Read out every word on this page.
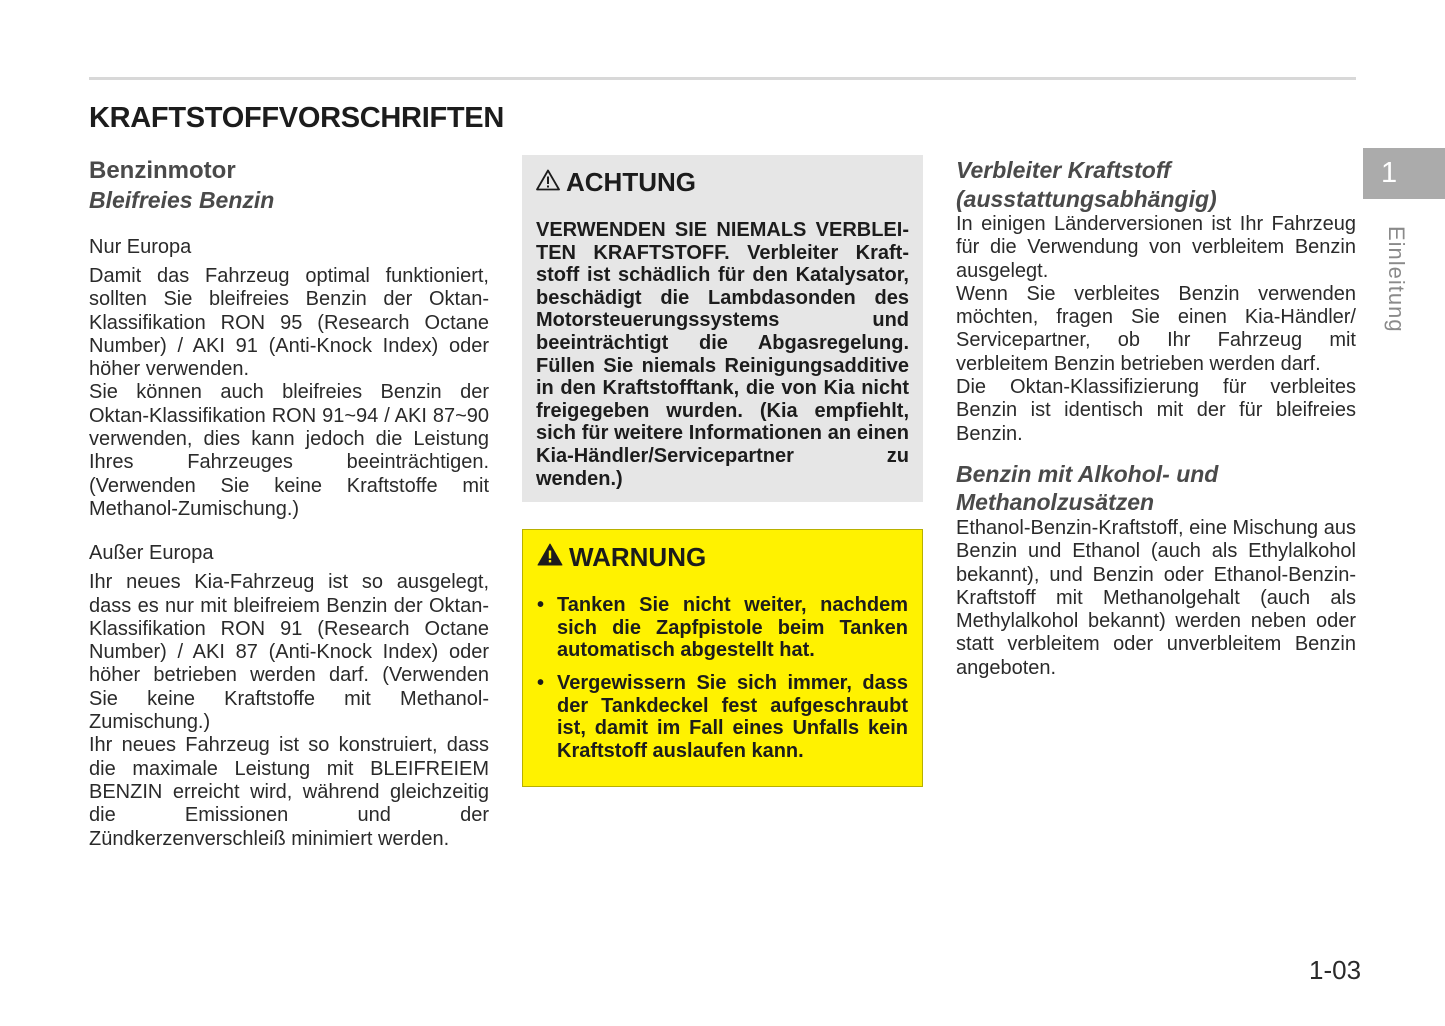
KRAFTSTOFFVORSCHRIFTEN
Benzinmotor
Bleifreies Benzin
Nur Europa

Damit das Fahrzeug optimal funktioniert, sollten Sie bleifreies Benzin der Oktan-Klassifikation RON 95 (Research Octane Number) / AKI 91 (Anti-Knock Index) oder höher verwenden.

Sie können auch bleifreies Benzin der Oktan-Klassifikation RON 91~94 / AKI 87~90 verwenden, dies kann jedoch die Leistung Ihres Fahrzeuges beeinträchtigen. (Verwenden Sie keine Kraftstoffe mit Methanol-Zumischung.)

Außer Europa

Ihr neues Kia-Fahrzeug ist so ausgelegt, dass es nur mit bleifreiem Benzin der Oktan-Klassifikation RON 91 (Research Octane Number) / AKI 87 (Anti-Knock Index) oder höher betrieben werden darf. (Verwenden Sie keine Kraftstoffe mit Methanol-Zumischung.)

Ihr neues Fahrzeug ist so konstruiert, dass die maximale Leistung mit BLEIFREIEM BENZIN erreicht wird, während gleichzeitig die Emissionen und der Zündkerzenverschleiß minimiert werden.

ACHTUNG
VERWENDEN SIE NIEMALS VERBLEITEN KRAFTSTOFF. Verbleiter Kraftstoff ist schädlich für den Katalysator, beschädigt die Lambdasonden des Motorsteuerungssystems und beeinträchtigt die Abgasregelung. Füllen Sie niemals Reinigungsadditive in den Kraftstofftank, die von Kia nicht freigegeben wurden. (Kia empfiehlt, sich für weitere Informationen an einen Kia-Händler/Servicepartner zu wenden.)
WARNUNG
• Tanken Sie nicht weiter, nachdem sich die Zapfpistole beim Tanken automatisch abgestellt hat.
• Vergewissern Sie sich immer, dass der Tankdeckel fest aufgeschraubt ist, damit im Fall eines Unfalls kein Kraftstoff auslaufen kann.
Verbleiter Kraftstoff
(ausstattungsabhängig)

In einigen Länderversionen ist Ihr Fahrzeug für die Verwendung von verbleitem Benzin ausgelegt.

Wenn Sie verbleites Benzin verwenden möchten, fragen Sie einen Kia-Händler/ Servicepartner, ob Ihr Fahrzeug mit verbleitem Benzin betrieben werden darf.

Die Oktan-Klassifizierung für verbleites Benzin ist identisch mit der für bleifreies Benzin.

Benzin mit Alkohol- und
Methanolzusätzen

Ethanol-Benzin-Kraftstoff, eine Mischung aus Benzin und Ethanol (auch als Ethylalkohol bekannt), und Benzin oder Ethanol-Benzin-Kraftstoff mit Methanolgehalt (auch als Methylalkohol bekannt) werden neben oder statt verbleitem oder unverbleitem Benzin angeboten.

1
Einleitung
1-03
